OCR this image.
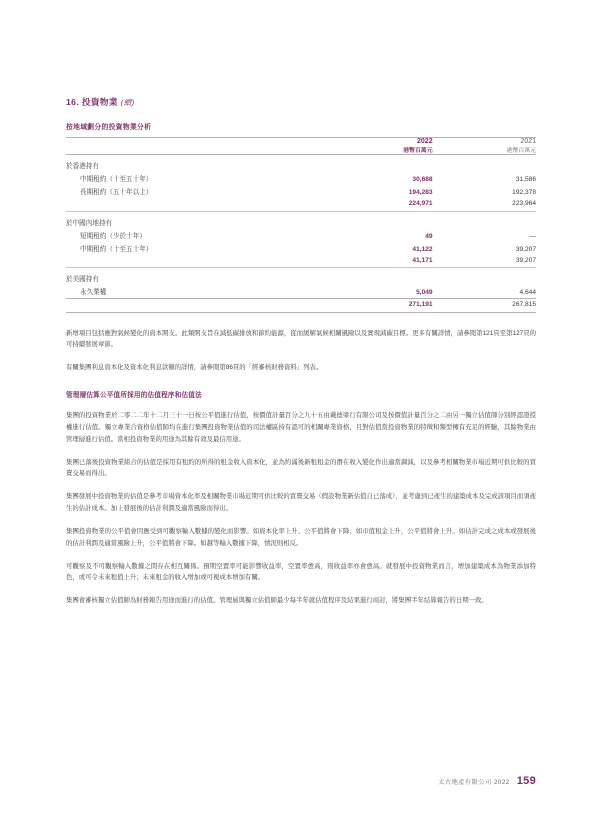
16. 投資物業 (續)
按地域劃分的投資物業分析
	2022	2021
	港幣百萬元	港幣百萬元
於香港持有		
中期租約（十至五十年）	30,688	31,586
長期租約（五十年以上）	194,283	192,378
	224,971	223,964
於中國內地持有		
短期租約（少於十年）	49	—
中期租約（十至五十年）	41,122	39,207
	41,171	39,207
於美國持有		
永久業權	5,049	4,644
	271,191	267,815

新增項目包括應對氣候變化的資本開支。此類開支旨在減低碳排放和節約能源，從而緩解氣候相關風險以及實現減碳目標。更多有關詳情，請參閱第121頁至第127頁的可持續發展章節。

有關集團利息資本化及資本化利息款額的詳情，請參閱第86頁的「經審核財務資料」列表。

管理層估算公平值所採用的估值程序和估值法

集團的投資物業於二零二二年十二月三十一日按公平值進行估值，按價值計量百分之九十五由戴德梁行有限公司及按價值計量百分之二由另一獨立估值師分別經認證授權進行估值。獨立專業合資格估值師均在進行集團投資物業估值的司法權區持有認可的相關專業資格，且對估值當投資物業的特徵和類型擁有充足的經驗，其餘物業由管理層進行估值。當相投資物業的用途為其餘有效及最信用途。

集團已落後投資物業組合的估值是採用有租約的所得的租金收入資本化，並為約滿後新租租金的潛在收入變化作出適當調減，以及參考相關物業市場近期可供比較的買賣交易而得出。

集團發展中投資物業的估值是參考市場資本化率及相關物業市場近期可供比較的買賣交易（假設物業新估值自已落成），並考慮到已產生的建築成本及完成該項目而須產生的估計成本。加上發展後的估計利潤及適當風險而得出。

集團投資物業的公平值會因應受到可觀察輸入數據的變化而影響。如資本化率上升、公平值將會下降；如市值租金上升，公平值將會上升。如估計完成之成本或發展後的估計利潤及適當風險上升，公平值將會下降。如越等輸入數據下降，情況則相反。

可觀察及不可觀察輸入數據之間存在相互關係。預期空置率可能影響收益率，空置率愈高，則收益率亦會愈高。就發展中投資物業而言，增加建築成本為物業添加特色，或可令未來租值上升；未來租金的收入增加或可視成本增加有關。

集團會審核獨立估值師為財務報告用途而進行的估值。管理層與獨立估值師最少每半年就估值程序及結果進行商討，將集團半年結算報告的日期一致。

太古地產有限公司 2022 159
